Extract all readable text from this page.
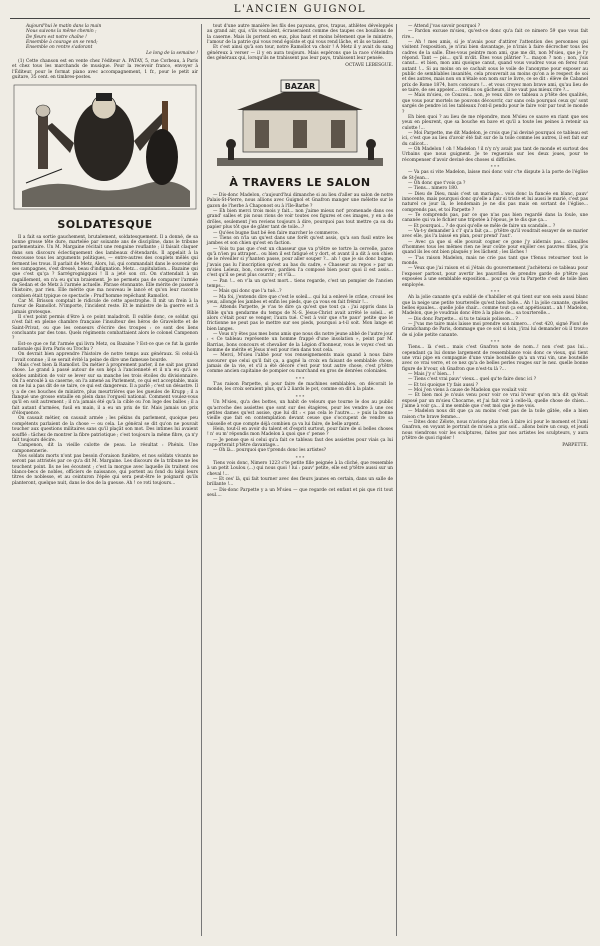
L'ANCIEN GUIGNOL

Aujourd'hui le matin dans la main

Nous suivons la même chemin ;

De fleurs est notre chaîne !

Ensemble à courage on se rend;

Ensemble on rentre s'adorant

Le long de la semaine !

(1) Cette chanson est en vente chez l'éditeur A. PATAY, 5, rue Corbeau, à Paris et chez tous les marchands de musique. Pour la recevoir franco, envoyer à l'Éditeur, pour le format piano avec accompagnement, 1 fr., pour le petit air guitare, 35 cent. en timbres-postes.

SOLDATESQUE

Il a fait sa sortie gauchement, brutalement, soldatesquement. Il a donné, de sa bonne grosse tête dure, martelée par soixante ans de discipline, dans le tribune parlementaire. Un M. Margaine récitait une rengaine rouflante ; il faisait claquer dans son discours éclectiquement des lambeaux d'étendards. Il appelait à la rescousse tous les arguments politiques, — entre-autres des couplets mêlés qui ferment les trous. Il parlait de Metz, Alors, lui, qui commandait dans le souvenir de ses campagnes, s'est dressé, beau d'indignation. Metz... capitulation... Bazaine qui que c'est qu'ça ? Sarrégrognigquoi ! Il a jeté son cri. On s'attendait à un ragaillement, on n'a eu qu'un braiement. Je ne permets pas de comparer l'armée de Sedan et de Metz à l'armée actuelle. Phrase étonnante. Elle mérite de passer à l'histoire, par rien. Elle mérite que ma nouveau le lancé et qu'on leur raconte combien était typique ce spectacle : Prud'homme repêchant Ramollot.

Car M. Brisson comptait le ridicule de cette apostrophe. Il mit un frein à la fureur de Ramollot. N'importe, l'incident reste. Et le ministre de la guerre est à jamais grotesque.

Il s'est point permis d'être à ce point maladroit. Il oublie donc, ce soldat qui n'est fait en pleine chambre française l'insulteur des héros de Gravelotte et de Saint-Privat, ou que les censeurs d'écrire des troupes : ce sont des liens concluants par des tons. Quels régiments combattaient alors le colonel Campenon ?

Est-ce que ce fut l'armée qui livra Metz, ou Bazaine ? Est-ce que ce fut la garde nationale qui livra Paris ou Trochu ?

On devrait bien apprendre l'histoire de notre temps aux généraux. Si celui-là l'avait connue ; il se serait évité la peine de dire une fameuse bourde.

Mais c'est bien là Ramollot. Du métier à proprement parler, il ne sait pas grand chose. Le grand à passé autour de son képi à l'ancienneté et il n'a eu qu'à se soldes ambition de voir se lever sur sa manche les trois étoiles du divisionnaire. On l'a enroulé à sa caserne, on l'a amené au Parlement, ce qui est acceptable, mais on ne lui a pas dit de se taire, ce qui est dangereux. Il a parlé ; c'est un désastre. Il y a de ces bouches de ministre, plus meurtrières que les gueules de Krupp ; il a flanqué une grosse entaille en plein dans l'orgueil national. Comment voulez-vous qu'il en soit autrement ; il n'a jamais été qu'à la cible ou l'on loge des balles ; il a fait autant d'armées, fusil en main, il a eu un prix de tir. Mais jamais un prix d'éloquence.

On causait métier, on causait armée ; les pékins du parlement, quoique peu compétents parlaient de la chose — ou cela. Le général se dit qu'on ne pouvait toucher aux questions militaires sans qu'il plaçât son mot. Des intimes lui avaient soufflé : tâchez de montrer la fibre patriotique ; c'est toujours la même fibre, ça n'y fait toujours décire.

Campenon, dit la vieille culotte de peau. Le résultat : Phénix. Une camponennerie.

Nos soldats morts n'ont pas besoin d'oraison funèbre, et nos soldats vivants ne seront pas attristés par ce qu'a dit M. Margaine. Les discours de la tribune ne les touchent point. Ils ne les écoutent ; c'est la morgue avec laquelle ils traitent ces blancs-becs de nobles, officiers de naissance, qui portent au fond du képi leurs titres de noblesse, et au ceinturon l'épée qui sera peut-être le poignard qu'ils planteront, quelque nuit, dans le dos de la gueuse. Ah ! ce roti toujours...

tout d'une autre manière les fils des paysans, gros, trapus, athlètes développés au grand air, qui, s'ils voulaient, écraseraient comme des taupes ces bouillons de la caserne. Mais ils portent en eux, plus haut et moins bêtement que le ministre, l'amour de la patrie qui vous rend égoïste et qui vous rend lâche, et ils se taisent.

Et c'est ainsi qu'à son tour, notre Ramollot va choir ! À Metz il y avait du sang généreux à verser — il y en aura toujours. Mais espérons que la race s'éteindra des généraux qui, lorsqu'ils ne trahissent pas leur pays, trahissent leur pensée.

OCTAVE LEBESGUE.

BAZAR
À TRAVERS LE SALON

— Dis-donc Madelon, c'aujourd'hui dimanche si au lieu d'aller au salon de notre Palais-St-Pierre, nous allions avec Guignol et Gnafron manger une mêlette sur le gazon de l'herbe à Chaponost ou à l'Ile-Barbe ?

— Eh bien merci trois mois y fait... non j'aime mieux not' promenade dans ces grand' salles et pis nous rions de voir toutes ces figures et ces images, y en a de drôles, seulement j'en reviens toujours à dire, pourquoi pas tout mettre ça su du papier plus tôt que de gâter tant de toile...?

— Qu'ées bugne faut bé êen faire marcher le commerce.

— Tiens on n'la un qu'est dans une forêt qu'est assis, qu'a son fusil entre les jambes et son chien qu'est en faction.

— Vois tu pas que c'est un chasseur que va p'têtre se tortre la cervelle, parce qu'à n'ien pu attraper... ou bien il est fatigué et y dort, et avant il a dit à son chien de le réveiller si y'hanten passe, pour aller souper ?... ah ! que je sis donc bugne, j'avais pas lu l'inscription qu'est au bas du cadre, « Chasseur au repos » par un m'sieu Leleux, bon, concevez, pardieu l'a composé bien pour quoi il est assis... c'est qu'il se peut plus courrir ; et v'là...

— Pan !... en v'la un qu'est mort... tiens regarde, c'est un pompier de l'ancien temps...

— Mais qui donc que l'a tué...?

— Ma foi, j'entends dire que c'est le soleil... qui lui a enlevé le crâne, crousé les yeux, allongé les jambes et enfin les pieds, que ça vous en fait frémir !...

— Attends Parpette, je v'as te dire ça qu'est que tout ça : j'ai appris dans la Bible qu'un gendarme du temps de N.-S. Jésus-Christ avait arrêté le soleil... et alors c'était pour se venger, l'aura tué. C'est à voir que s'te pauv' petite que le frictionne ne peut pas le mettre sur ses pieds, pourquoi a-t-il soit. Mon lange et bien langes.

— Vous n'y êtes pas mes bons amis que nous dis notre jeune abbé de l'autre jour : « Ce tableau représente un homme frappé d'une insolation », peint par M. Barrias, bons concours et chevalier de la Légion d'honneur, vous le voyez c'est un homme de mérite et Jésus n'est pour rien dans tout cela.

— Merci, M'sieu l'abbé pour vos renseignements mais quand à nous faire savourer que celui qu'il fait ça, a gagné la croix en faisant de semblable chose, jamais de la vie, et s'il a été décoré c'est pour tout autre chose, c'est p'têtre comme ancien capitaine de pompier ou marchand en gros de denrées coloniales.

* * *

T'as raison Parpette, si pour faire de machines semblables, on décorait le monde, les croix seraient plus, qu'à 2 liards le pot, comme on dit à la plate.

* * *

Un M'sieu, qu'a des bottes, un habit de velours que tourne le dos au public qu'acroche des assiettes que sont sur des étagères, pour les vendre à une ces petites dames qu'est assise, que lui dit : « pas cela le l'autre.... » puis la bonne vieille que fait en contemplation devant ceuse que s'occupent de vendre sa vaisselle et que compte déjà combien ça va lui faire, de belle argent.

Hein, tout-il en avoir du talent et d'esprit surtout, pour faire de si belles choses ! n' ou m' répondis mon Madelon à quoi que c' pense ?

— Je pense que si celui qu'a fait ce tableau faut des assiettes pour viais ça lui rapporterait p'têtre davantage...

— Oh là... pourquoi que t'prends donc les artistes?

* * *

Tiens vois donc, Nimero 1223 c'te petite fille peignée à la cliché, que ressemble à un petit Loulou (...) qui nous quoi ! lui : pauv' petite, elle est p'têtre aussi sur un cheval !...

— Et ces' là, qui fait tourner avec des fleurs jaunes en certain, dans un salle de brillante !...

— Dis-donc Parpette y a un M'sieu — que regarde cet enfant et pis que rit tout seul....

— Attend j'vas savoir pourquoi ?

— Pardon excuse m'sieu, qu'est-ce donc qu'a fait ce nimero 59 que vous fait rire...

— Ah ! mes amis, si je n'avais pour d'attirer l'attention des personnes qui visitent l'exposition, je n'irai bien davantage, je n'irais à faire décrocher tous les cadres de la salle. Êtes-vous peintre mon ami, que me dit, non M'sieu, que je l'y répond. Tant — pis... qu'il m'dit. Êtes vous plâtrier ?... maçon ? non ; non, j'sis canut... et bien, mon ami quoique canut, quand vous voudrez vous en ferez tout autant !... Si au moins on se cachait sous le voile de l'anonyme pour exposer au public de semblables insanités, cela prouverait au moins qu'on a le respect de soi et des autres, mais non on n'étale son nom sur le livre, ce se dit : élève de Cabanel prix de Rome 1874, hors concours !... et vous croyez mon brave ami, qu'au lieu de se taire, de ses appeler.... crétins ou gâcheurs, il ne vaut pas mieux rire ?...

— Mais m'sieu, ce Couzou... non, je veux dire ce tableau a p'tête des qualités, que vous pour mortels ne pouvons découvrir, car sans cela pourquoi ceux qu' sont sargés de pendre ici les tableaux l'ont-il pendu pour le faire voir par tout le monde ?

Eh bien quoi ? au lieu de me répondre, mon M'sieu ce sauve en riant que ses yeux en pleurent, que sa bouche en bave et qu'il a toute les peines à retenir sa culotte !...

— Moi Parpette, me dit Madelon, je crois que j'ai deviné pourquoi ce tableau est ici, c'est que au lieu d'avoir été fait sur de la toile comme les autres, il est fait sur du calicot...

— Oh Madelon ! oh ! Madelon ! il n'y n'y avait pas tant de monde et surtout des Urbains que nous guignent. Je te reguerais sur les deux joues, pour te récompenser d'avoir deviné des choses si difficiles.

* * *

— Va pas si vite Madelon, laisse moi donc voir c'te dispute à la porte de l'église de St-Jean...

— Oh donc que t'vois ça ?

— Tiens... nimero 180.

— Dieu de Dieu, mais c'est un mariage... vois donc la fiancée en blanc, pauv' innocente, mais pourquoi donc qu'elle a l'air si triste et lui aussi le marié, c'est pas naturel ce jour là, le lendemain je ne dis pas mais en sortant de l'église... comprends pas, et toi Parpette ?

— Te comprends pas, par ce que n'as pas bien regardé dans la foule, une cananée qui va le fichier une tripotée à l'épous, je te dis que ça...

— Et pourquoi... ? de quoi qu'elle se mêle de faire un scandale... ?

— Va-t-y demander à c'l' qu'a fait ça... p'têtre qu'il voudrait essayer de se marier avec elle, pis l'a laissé en plan, pour prend' l'aut'.

— Avec ça que si elle pouvait cogner ce gone j'y aiderais pas... canailles d'hommes tous les mêmes rien ne leur coûte pour enjôler ces pauvres filles, p'is quand ils les ont bien plaqués y les lâchent ; les lâches !

— T'as raison Madelon, mais ne crie pas tant que t'fenus retourner tout le monde.

— Veux que j'ai raison et si j'étais du gouvernement j'achèterai ce tableau pour l'exposer partout, pour avertir les pauvrilles de prendre garde de p'têtre pas exposées à une semblable exposition... pour ça vois tu Parpette c'est de toile bien employée.

* * *

Ah la jolie canante qu'a oublié de s'habiller et qui tient sur son sein aussi blanc que la neige une petite tourterelle qu'est bien belle... Ah ! la jolie canante, quelles belles épaules... quelle jolie chair... comme tout ça est appétissant... ah ! Madelon, Madelon, que je voudrais donc être à la place de... sa tourterelle...

— Dis donc Parpette... si tu te taisais polisson... ?

— J'vas me taire mais laisse moi prendre son nimero... c'est 420, signé Pion! de Grandchamp de Paris, dommage que ce soit si loin, j'irai lui demander où il trouve de si jolie petite canante.

* * *

Tiens... là c'est... mais c'est Gnafron note de nom...! non c'est pas lui... cependant ça lui donne largement de ressemblance vois donc ce vieux, qui tient une vrai pipe en compagnie d'une vraie bouteille qu'a un vrai vin, une bouteille avec ce vrai verre, et ce nez qu'a de belles perles rouges sur le nez. quelle bonne figure de b'vour, oh Gnafron que n'est-tu là ?...

— Mais j'y s' bien... !

— Tiens c'est vrai pauv' vieux... quel qu'te faire donc ici ?

— Et toi quoique t'y fais aussi ?

— Moi j'en viens à cause de Madelon que voulait voir.

— Et bien moi je n'suis venu pour voir ce vrai b'veur qu'on m'a dit qu'était exposé par un m'sieu Chocarne, et j'ai fait voir à celle-là, quelle chose de chien... j'aime à voir ça... il me semble que c'est moi que je me vois.

— Madelon nous dit que ça au moins c'est pas de la toile gâtée, elle a bien raison c'te brave femme...

— Dites donc Zélote, nous n'avions plus rien à faire ici pour le moment et l'ami Gnafron, en voyant le portrait de m'sieu a pris soif... allons boire un coup, et jeudi nous viendrons voir les sculptures, faites par nos artistes les sculpteurs, y aura p'têtre de quoi rigoler !

PARPETTE.
